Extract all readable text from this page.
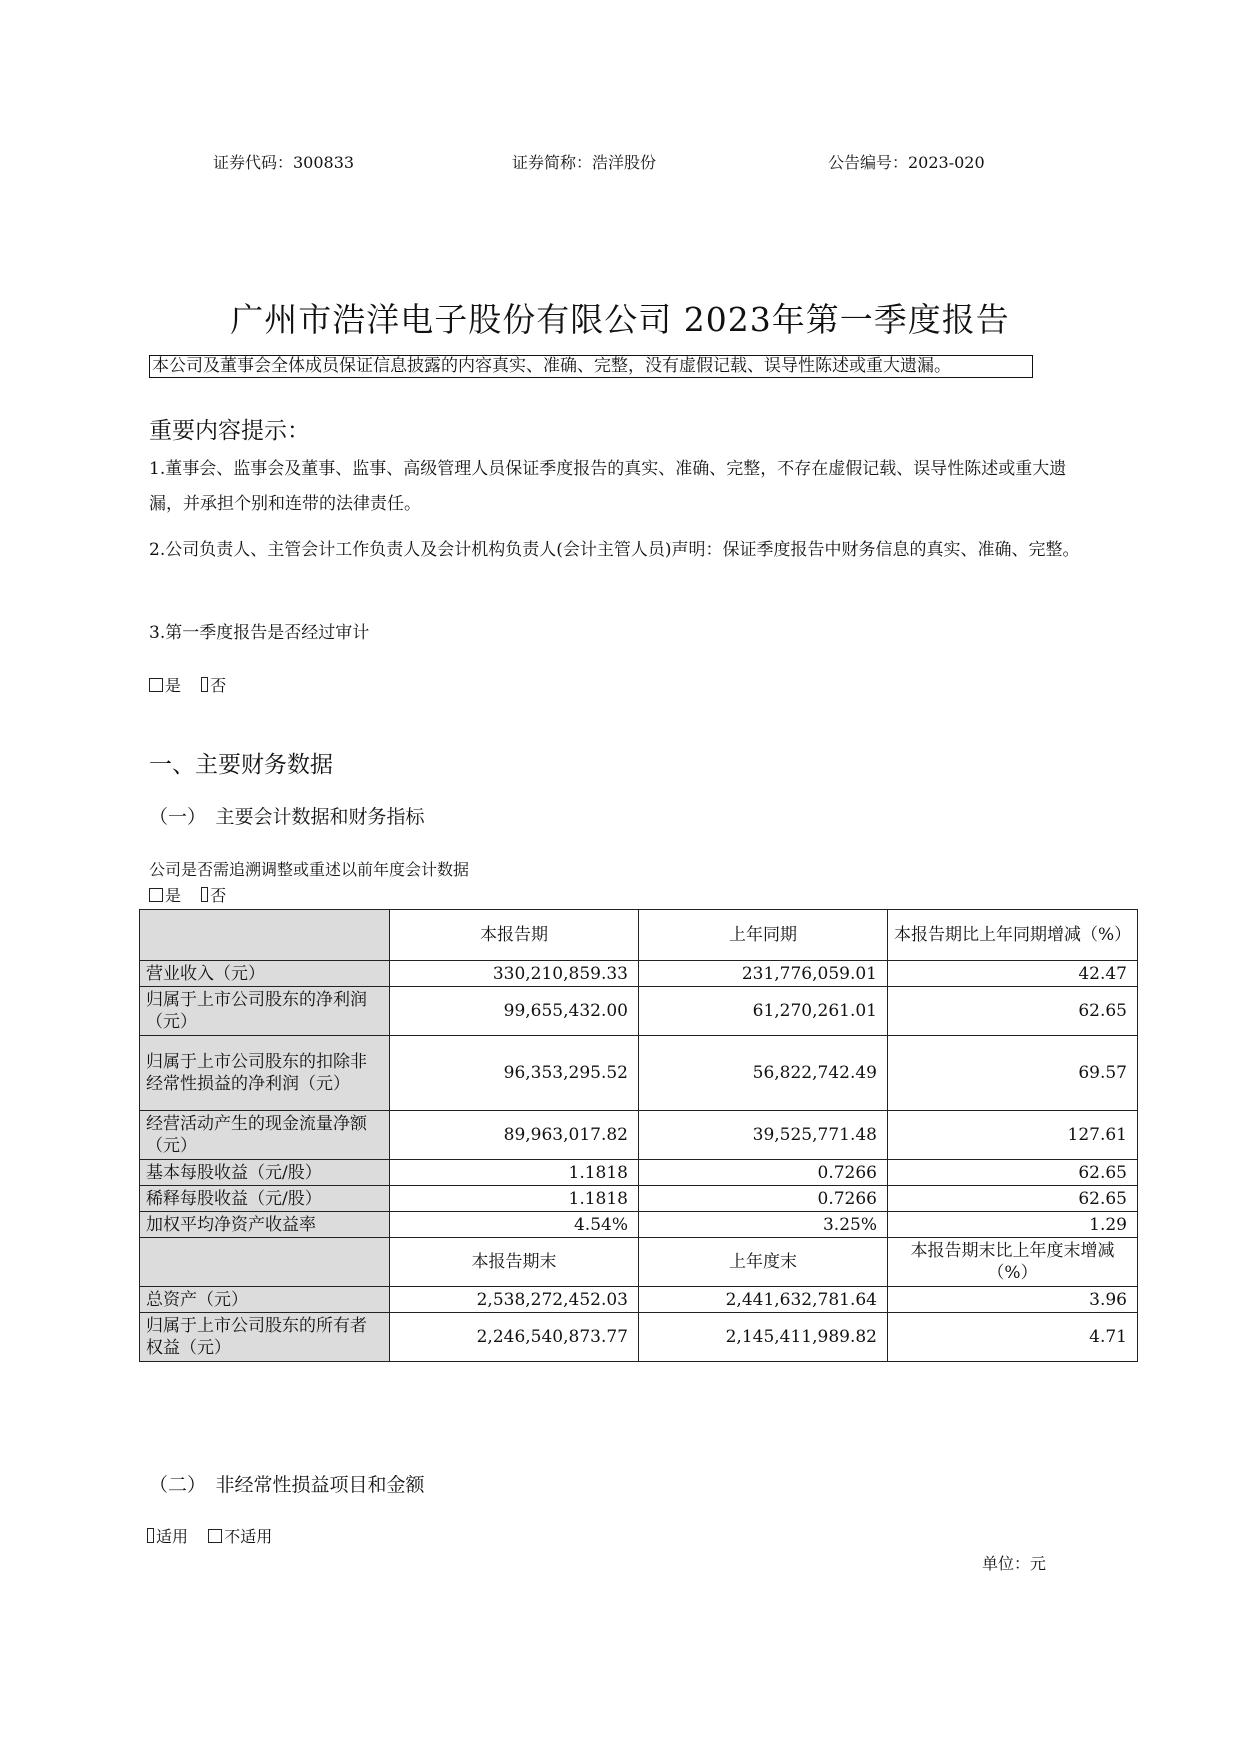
证券代码：300833	证券简称：浩洋股份	公告编号：2023-020
广州市浩洋电子股份有限公司 2023年第一季度报告
本公司及董事会全体成员保证信息披露的内容真实、准确、完整，没有虚假记载、误导性陈述或重大遗漏。
重要内容提示：
1.董事会、监事会及董事、监事、高级管理人员保证季度报告的真实、准确、完整，不存在虚假记载、误导性陈述或重大遗漏，并承担个别和连带的法律责任。
2.公司负责人、主管会计工作负责人及会计机构负责人(会计主管人员)声明：保证季度报告中财务信息的真实、准确、完整。
3.第一季度报告是否经过审计
是 否
一、主要财务数据
（一）　主要会计数据和财务指标
公司是否需追溯调整或重述以前年度会计数据
是 否
	本报告期	上年同期	本报告期比上年同期增减（%）
营业收入（元）	330,210,859.33	231,776,059.01	42.47
归属于上市公司股东的净利润（元）	99,655,432.00	61,270,261.01	62.65
归属于上市公司股东的扣除非经常性损益的净利润（元）	96,353,295.52	56,822,742.49	69.57
经营活动产生的现金流量净额（元）	89,963,017.82	39,525,771.48	127.61
基本每股收益（元/股）	1.1818	0.7266	62.65
稀释每股收益（元/股）	1.1818	0.7266	62.65
加权平均净资产收益率	4.54%	3.25%	1.29
	本报告期末	上年度末	本报告期末比上年度末增减（%）
总资产（元）	2,538,272,452.03	2,441,632,781.64	3.96
归属于上市公司股东的所有者权益（元）	2,246,540,873.77	2,145,411,989.82	4.71
（二）　非经常性损益项目和金额
适用 不适用
单位：元
